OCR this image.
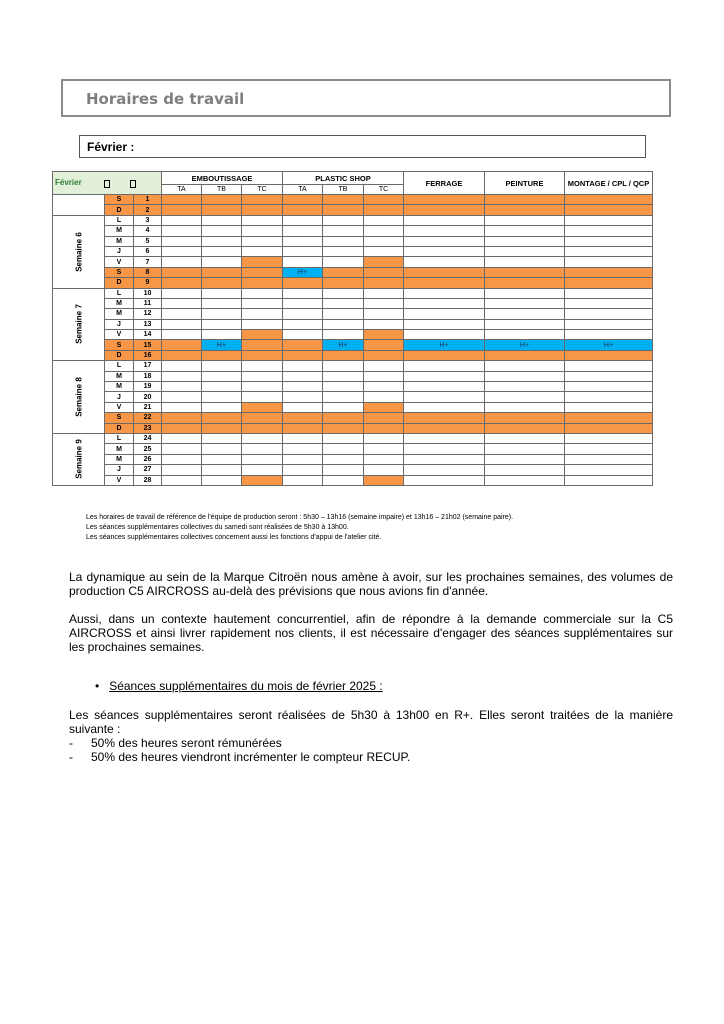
Horaires de travail
Février :
Février			EMBOUTISSAGE			PLASTIC SHOP			FERRAGE	PEINTURE	MONTAGE / CPL / QCP
			TA	TB	TC	TA	TB	TC			

	S	1									
	D	2									

Semaine 6	L	3									
	M	4									
	M	5									
	J	6									
	V	7									
	S	8				H+					
	D	9									

Semaine 7	L	10									
	M	11									
	M	12									
	J	13									
	V	14									
	S	15		H+			H+		H+	H+	H+
	D	16									

Semaine 8	L	17									
	M	18									
	M	19									
	J	20									
	V	21									
	S	22									
	D	23									

Semaine 9	L	24									
	M	25									
	M	26									
	J	27									
	V	28									
Les horaires de travail de référence de l'équipe de production seront : 5h30 – 13h16 (semaine impaire) et 13h16 – 21h02 (semaine paire).
Les séances supplémentaires collectives du samedi sont réalisées de 5h30 à 13h00.
Les séances supplémentaires collectives concernent aussi les fonctions d'appui de l'atelier cité.
La dynamique au sein de la Marque Citroën nous amène à avoir, sur les prochaines semaines, des volumes de production C5 AIRCROSS au-delà des prévisions que nous avions fin d'année.
Aussi, dans un contexte hautement concurrentiel, afin de répondre à la demande commerciale sur la C5 AIRCROSS et ainsi livrer rapidement nos clients, il est nécessaire d'engager des séances supplémentaires sur les prochaines semaines.
• Séances supplémentaires du mois de février 2025 :
Les séances supplémentaires seront réalisées de 5h30 à 13h00 en R+. Elles seront traitées de la manière suivante :
- 50% des heures seront rémunérées
- 50% des heures viendront incrémenter le compteur RECUP.
